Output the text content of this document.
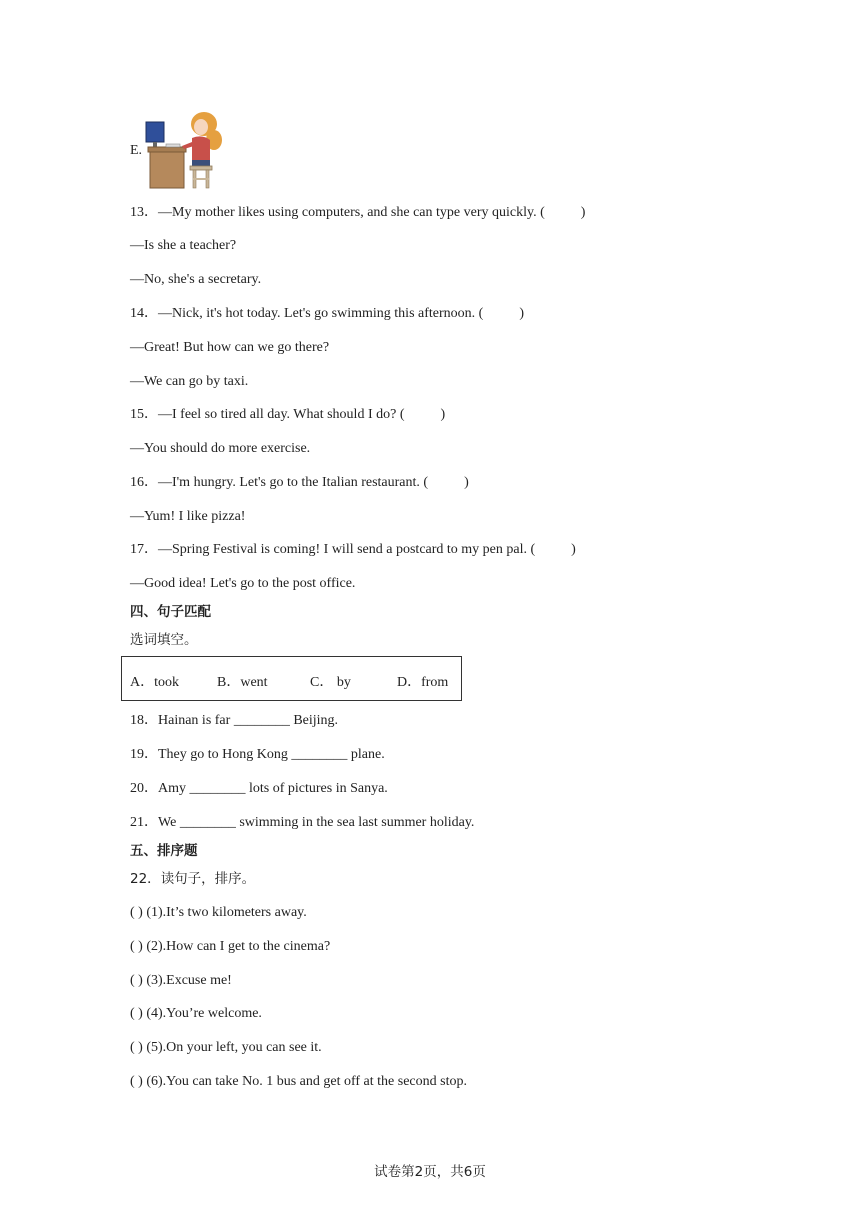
E.
13．—My mother likes using computers, and she can type very quickly. (	)
—Is she a teacher?
—No, she's a secretary.
14．—Nick, it's hot today. Let's go swimming this afternoon. (	)
—Great! But how can we go there?
—We can go by taxi.
15．—I feel so tired all day. What should I do? (	)
—You should do more exercise.
16．—I'm hungry. Let's go to the Italian restaurant. (	)
—Yum! I like pizza!
17．—Spring Festival is coming! I will send a postcard to my pen pal. (	)
—Good idea! Let's go to the post office.
四、句子匹配
选词填空。
A．took	B．went	C． by	D．from
18．Hainan is far ________ Beijing.
19．They go to Hong Kong ________ plane.
20．Amy ________ lots of pictures in Sanya.
21．We ________ swimming in the sea last summer holiday.
五、排序题
22．读句子，排序。
( ) (1).It’s two kilometers away.
( ) (2).How can I get to the cinema?
( ) (3).Excuse me!
( ) (4).You’re welcome.
( ) (5).On your left, you can see it.
( ) (6).You can take No. 1 bus and get off at the second stop.
试卷第2页，共6页
